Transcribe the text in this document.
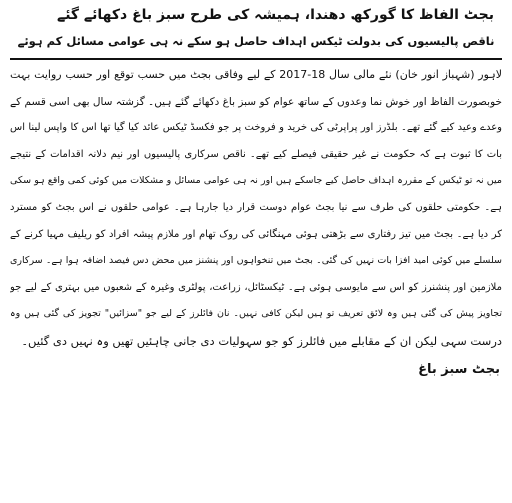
بجٹ الفاظ کا گورکھ دھندا، ہمیشہ کی طرح سبز باغ دکھائے گئے
ناقص پالیسیوں کی بدولت ٹیکس اہداف حاصل ہو سکے نہ ہی عوامی مسائل کم ہوئے
لاہور (شہباز انور خان) نئے مالی سال 18-2017 کے لیے وفاقی بجٹ میں حسب توقع اور حسب روایت بہت
خوبصورت الفاظ اور خوش نما وعدوں کے ساتھ عوام کو سبز باغ دکھائے گئے ہیں۔ گزشتہ سال بھی اسی قسم کے
وعدے وعید کیے گئے تھے۔ بلڈرز اور پراپرٹی کی خرید و فروخت پر جو فکسڈ ٹیکس عائد کیا گیا تھا اس کا واپس لینا اس
بات کا ثبوت ہے کہ حکومت نے غیر حقیقی فیصلے کیے تھے۔ ناقص سرکاری پالیسیوں اور نیم دلانہ اقدامات کے نتیجے
میں نہ تو ٹیکس کے مقررہ اہداف حاصل کیے جاسکے ہیں اور نہ ہی عوامی مسائل و مشکلات میں کوئی کمی واقع ہو سکی
ہے۔ حکومتی حلقوں کی طرف سے نیا بجٹ عوام دوست قرار دیا جارہا ہے۔ عوامی حلقوں نے اس بجٹ کو مسترد
کر دیا ہے۔ بجٹ میں تیز رفتاری سے بڑھتی ہوئی مہنگائی کی روک تھام اور ملازم پیشہ افراد کو ریلیف مہیا کرنے کے
سلسلے میں کوئی امید افزا بات نہیں کی گئی۔ بجٹ میں تنخواہوں اور پنشنز میں محض دس فیصد اضافہ ہوا ہے۔ سرکاری
ملازمین اور پنشنرز کو اس سے مایوسی ہوئی ہے۔ ٹیکسٹائل، زراعت، پولٹری وغیرہ کے شعبوں میں بہتری کے لیے جو
تجاویز پیش کی گئی ہیں وہ لائق تعریف تو ہیں لیکن کافی نہیں۔ نان فائلرز کے لیے جو "سزائیں" تجویز کی گئی ہیں وہ
درست سہی لیکن ان کے مقابلے میں فائلرز کو جو سہولیات دی جانی چاہئیں تھیں وہ نہیں دی گئیں۔
بجٹ سبز باغ
